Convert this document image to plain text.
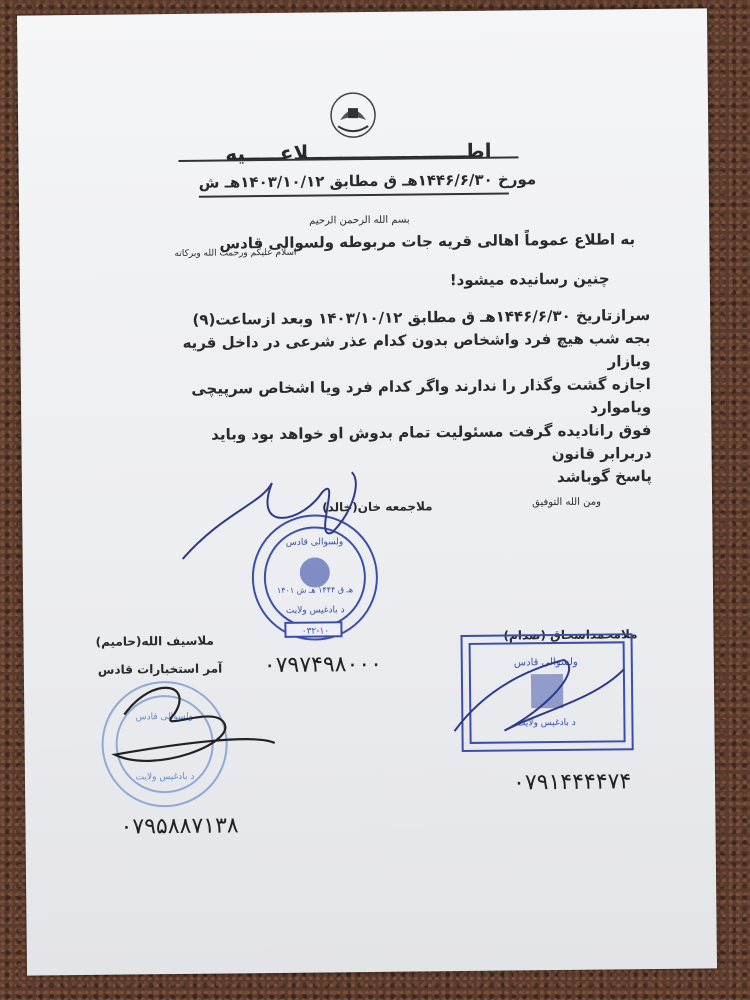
اطـــــــــــــــــــــــلاعـــــیه
مورخ ۱۴۴۶/۶/۳۰هـ ق مطابق ۱۴۰۳/۱۰/۱۲هـ ش
بسم الله الرحمن الرحیم
به اطلاع عموماً اهالی قریه جات مربوطه ولسوالی قادس
اسلام علیکم ورحمت الله وبرکاته
چنین رسانیده میشود!
سرازتاریخ ۱۴۴۶/۶/۳۰هـ ق مطابق ۱۴۰۳/۱۰/۱۲ وبعد ازساعت(۹)
بجه شب هیچ فرد واشخاص بدون کدام عذر شرعی در داخل قریه وبازار
اجازه گشت وگذار را ندارند واگر کدام فرد ویا اشخاص سرپیچی ویاموارد
فوق رانادیده گرفت مسئولیت تمام بدوش او خواهد بود وباید دربرابر قانون
پاسخ گوباشد
ومن الله التوفیق
ملاجمعه خان(خالد)
ملاسیف الله(حامیم)
آمر استخبارات قادس
ملامحمداسحاق (صدام)
ولسوالی قادس
د بادغیس ولایت
۰۳۲-۱۰
هـ ق ۱۴۴۴ هـ ش ۱۴۰۱
ولسوالی قادس
د بادغیس ولایت
ولسوالی قادس
د بادغیس ولایت
۰۷۹۷۴۹۸۰۰۰
۰۷۹۵۸۸۷۱۳۸
۰۷۹۱۴۴۴۴۷۴
